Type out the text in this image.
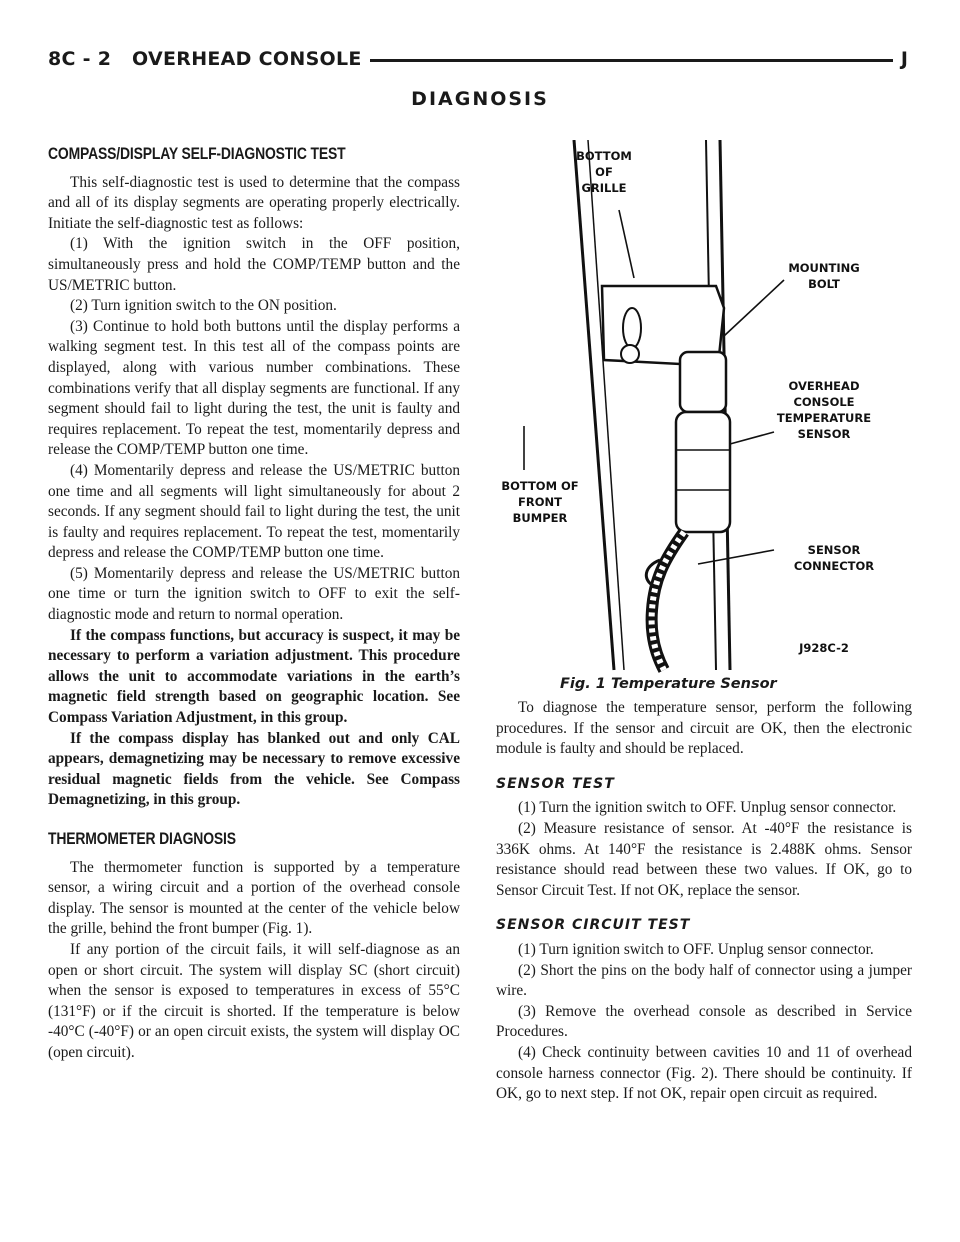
8C - 2   OVERHEAD CONSOLE	J
DIAGNOSIS
COMPASS/DISPLAY SELF-DIAGNOSTIC TEST

This self-diagnostic test is used to determine that the compass and all of its display segments are operating properly electrically. Initiate the self-diagnostic test as follows:

(1) With the ignition switch in the OFF position, simultaneously press and hold the COMP/TEMP button and the US/METRIC button.

(2) Turn ignition switch to the ON position.

(3) Continue to hold both buttons until the display performs a walking segment test. In this test all of the compass points are displayed, along with various number combinations. These combinations verify that all display segments are functional. If any segment should fail to light during the test, the unit is faulty and requires replacement. To repeat the test, momentarily depress and release the COMP/TEMP button one time.

(4) Momentarily depress and release the US/METRIC button one time and all segments will light simultaneously for about 2 seconds. If any segment should fail to light during the test, the unit is faulty and requires replacement. To repeat the test, momentarily depress and release the COMP/TEMP button one time.

(5) Momentarily depress and release the US/METRIC button one time or turn the ignition switch to OFF to exit the self-diagnostic mode and return to normal operation.

If the compass functions, but accuracy is suspect, it may be necessary to perform a variation adjustment. This procedure allows the unit to accommodate variations in the earth’s magnetic field strength based on geographic location. See Compass Variation Adjustment, in this group.

If the compass display has blanked out and only CAL appears, demagnetizing may be necessary to remove excessive residual magnetic fields from the vehicle. See Compass Demagnetizing, in this group.

THERMOMETER DIAGNOSIS

The thermometer function is supported by a temperature sensor, a wiring circuit and a portion of the overhead console display. The sensor is mounted at the center of the vehicle below the grille, behind the front bumper (Fig. 1).

If any portion of the circuit fails, it will self-diagnose as an open or short circuit. The system will display SC (short circuit) when the sensor is exposed to temperatures in excess of 55°C (131°F) or if the circuit is shorted. If the temperature is below -40°C (-40°F) or an open circuit exists, the system will display OC (open circuit).

BOTTOM
OF
GRILLE
MOUNTING
BOLT
OVERHEAD
CONSOLE
TEMPERATURE
SENSOR
BOTTOM OF
FRONT
BUMPER
SENSOR
CONNECTOR
J928C-2
Fig. 1 Temperature Sensor

To diagnose the temperature sensor, perform the following procedures. If the sensor and circuit are OK, then the electronic module is faulty and should be replaced.

SENSOR TEST

(1) Turn the ignition switch to OFF. Unplug sensor connector.

(2) Measure resistance of sensor. At -40°F the resistance is 336K ohms. At 140°F the resistance is 2.488K ohms. Sensor resistance should read between these two values. If OK, go to Sensor Circuit Test. If not OK, replace the sensor.

SENSOR CIRCUIT TEST

(1) Turn ignition switch to OFF. Unplug sensor connector.

(2) Short the pins on the body half of connector using a jumper wire.

(3) Remove the overhead console as described in Service Procedures.

(4) Check continuity between cavities 10 and 11 of overhead console harness connector (Fig. 2). There should be continuity. If OK, go to next step. If not OK, repair open circuit as required.
